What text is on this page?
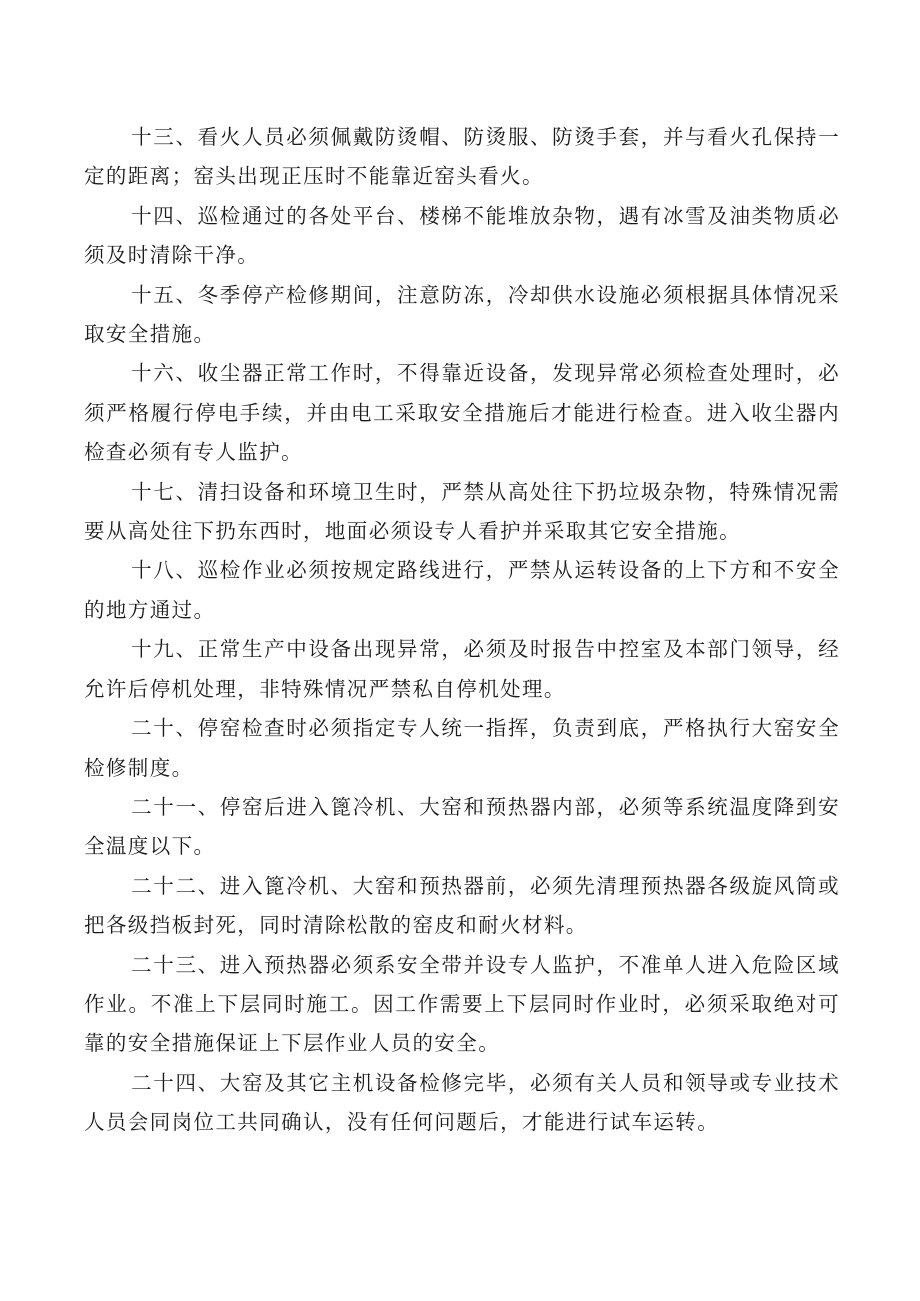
十三、看火人员必须佩戴防烫帽、防烫服、防烫手套，并与看火孔保持一定的距离；窑头出现正压时不能靠近窑头看火。

十四、巡检通过的各处平台、楼梯不能堆放杂物，遇有冰雪及油类物质必须及时清除干净。

十五、冬季停产检修期间，注意防冻，冷却供水设施必须根据具体情况采取安全措施。

十六、收尘器正常工作时，不得靠近设备，发现异常必须检查处理时，必须严格履行停电手续，并由电工采取安全措施后才能进行检查。进入收尘器内检查必须有专人监护。

十七、清扫设备和环境卫生时，严禁从高处往下扔垃圾杂物，特殊情况需要从高处往下扔东西时，地面必须设专人看护并采取其它安全措施。

十八、巡检作业必须按规定路线进行，严禁从运转设备的上下方和不安全的地方通过。

十九、正常生产中设备出现异常，必须及时报告中控室及本部门领导，经允许后停机处理，非特殊情况严禁私自停机处理。

二十、停窑检查时必须指定专人统一指挥，负责到底，严格执行大窑安全检修制度。

二十一、停窑后进入篦冷机、大窑和预热器内部，必须等系统温度降到安全温度以下。

二十二、进入篦冷机、大窑和预热器前，必须先清理预热器各级旋风筒或把各级挡板封死，同时清除松散的窑皮和耐火材料。

二十三、进入预热器必须系安全带并设专人监护，不准单人进入危险区域作业。不准上下层同时施工。因工作需要上下层同时作业时，必须采取绝对可靠的安全措施保证上下层作业人员的安全。

二十四、大窑及其它主机设备检修完毕，必须有关人员和领导或专业技术人员会同岗位工共同确认，没有任何问题后，才能进行试车运转。
